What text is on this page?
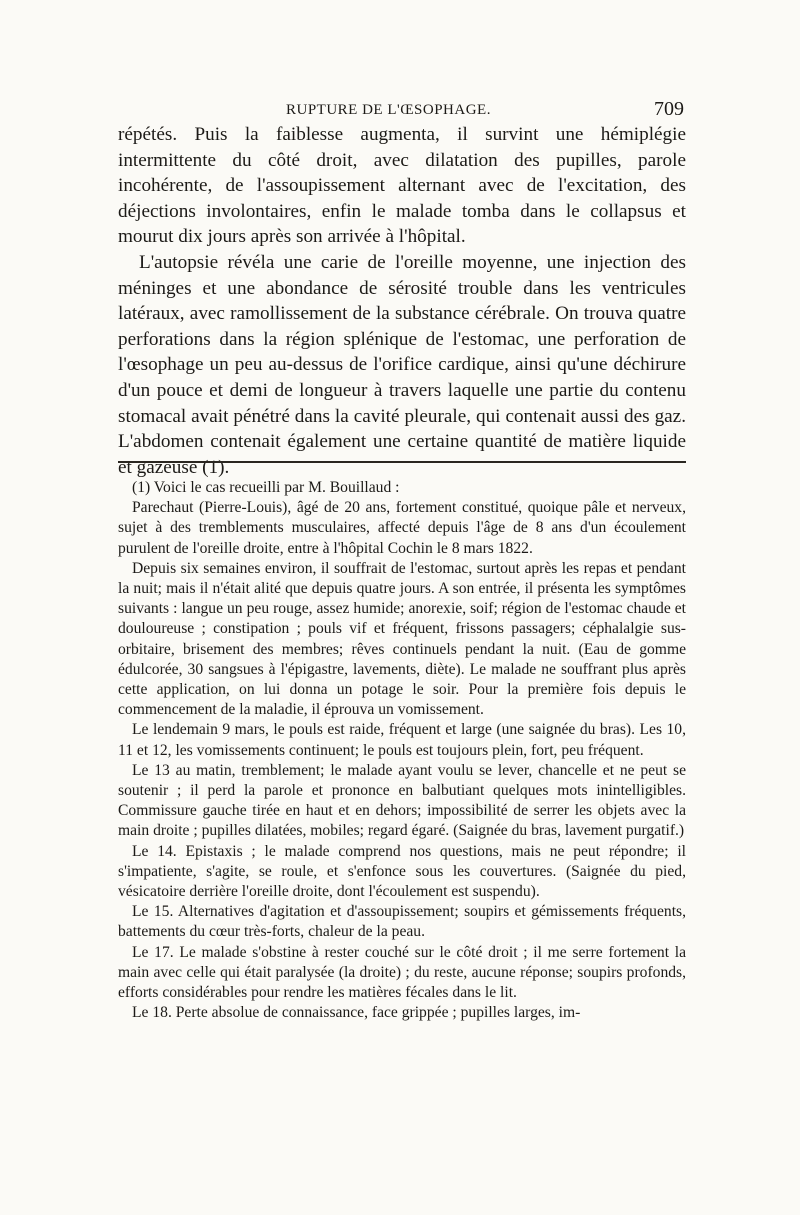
RUPTURE DE L'ŒSOPHAGE.	709

répétés. Puis la faiblesse augmenta, il survint une hémiplégie intermittente du côté droit, avec dilatation des pupilles, parole incohérente, de l'assoupissement alternant avec de l'excitation, des déjections involontaires, enfin le malade tomba dans le collapsus et mourut dix jours après son arrivée à l'hôpital.

L'autopsie révéla une carie de l'oreille moyenne, une injection des méninges et une abondance de sérosité trouble dans les ventricules latéraux, avec ramollissement de la substance cérébrale. On trouva quatre perforations dans la région splénique de l'estomac, une perforation de l'œsophage un peu au-dessus de l'orifice cardique, ainsi qu'une déchirure d'un pouce et demi de longueur à travers laquelle une partie du contenu stomacal avait pénétré dans la cavité pleurale, qui contenait aussi des gaz. L'abdomen contenait également une certaine quantité de matière liquide et gazeuse (1).

(1) Voici le cas recueilli par M. Bouillaud :

Parechaut (Pierre-Louis), âgé de 20 ans, fortement constitué, quoique pâle et nerveux, sujet à des tremblements musculaires, affecté depuis l'âge de 8 ans d'un écoulement purulent de l'oreille droite, entre à l'hôpital Cochin le 8 mars 1822.

Depuis six semaines environ, il souffrait de l'estomac, surtout après les repas et pendant la nuit; mais il n'était alité que depuis quatre jours. A son entrée, il présenta les symptômes suivants : langue un peu rouge, assez humide; anorexie, soif; région de l'estomac chaude et douloureuse ; constipation ; pouls vif et fréquent, frissons passagers; céphalalgie sus-orbitaire, brisement des membres; rêves continuels pendant la nuit. (Eau de gomme édulcorée, 30 sangsues à l'épigastre, lavements, diète). Le malade ne souffrant plus après cette application, on lui donna un potage le soir. Pour la première fois depuis le commencement de la maladie, il éprouva un vomissement.

Le lendemain 9 mars, le pouls est raide, fréquent et large (une saignée du bras). Les 10, 11 et 12, les vomissements continuent; le pouls est toujours plein, fort, peu fréquent.

Le 13 au matin, tremblement; le malade ayant voulu se lever, chancelle et ne peut se soutenir ; il perd la parole et prononce en balbutiant quelques mots inintelligibles. Commissure gauche tirée en haut et en dehors; impossibilité de serrer les objets avec la main droite ; pupilles dilatées, mobiles; regard égaré. (Saignée du bras, lavement purgatif.)

Le 14. Epistaxis ; le malade comprend nos questions, mais ne peut répondre; il s'impatiente, s'agite, se roule, et s'enfonce sous les couvertures. (Saignée du pied, vésicatoire derrière l'oreille droite, dont l'écoulement est suspendu).

Le 15. Alternatives d'agitation et d'assoupissement; soupirs et gémissements fréquents, battements du cœur très-forts, chaleur de la peau.

Le 17. Le malade s'obstine à rester couché sur le côté droit ; il me serre fortement la main avec celle qui était paralysée (la droite) ; du reste, aucune réponse; soupirs profonds, efforts considérables pour rendre les matières fécales dans le lit.

Le 18. Perte absolue de connaissance, face grippée ; pupilles larges, im-
